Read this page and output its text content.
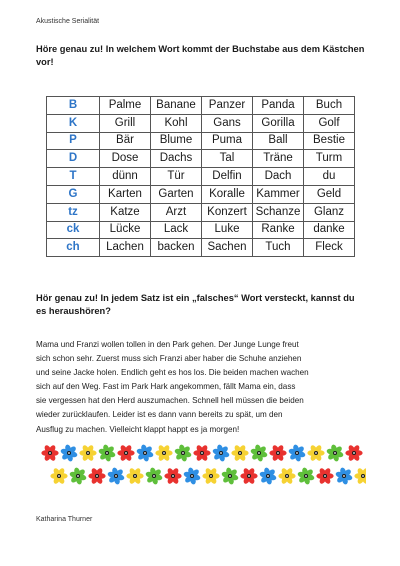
Akustische Serialität
Höre genau zu! In welchem Wort kommt der Buchstabe aus dem Kästchen vor!
B	Palme	Banane	Panzer	Panda	Buch
K	Grill	Kohl	Gans	Gorilla	Golf
P	Bär	Blume	Puma	Ball	Bestie
D	Dose	Dachs	Tal	Träne	Turm
T	dünn	Tür	Delfin	Dach	du
G	Karten	Garten	Koralle	Kammer	Geld
tz	Katze	Arzt	Konzert	Schanze	Glanz
ck	Lücke	Lack	Luke	Ranke	danke
ch	Lachen	backen	Sachen	Tuch	Fleck
Hör genau zu! In jedem Satz ist ein „falsches“ Wort versteckt, kannst du es heraushören?

Mama und Franzi wollen tollen in den Park gehen. Der Junge Lunge freut

sich schon sehr. Zuerst muss sich Franzi aber haber die Schuhe anziehen

und seine Jacke holen. Endlich geht es hos los. Die beiden machen wachen

sich auf den Weg. Fast im Park Hark angekommen, fällt Mama ein, dass

sie vergessen hat den Herd auszumachen. Schnell hell müssen die beiden

wieder zurücklaufen. Leider ist es dann vann bereits zu spät, um den

Ausflug zu machen. Vielleicht klappt happt es ja morgen!

Katharina Thurner
